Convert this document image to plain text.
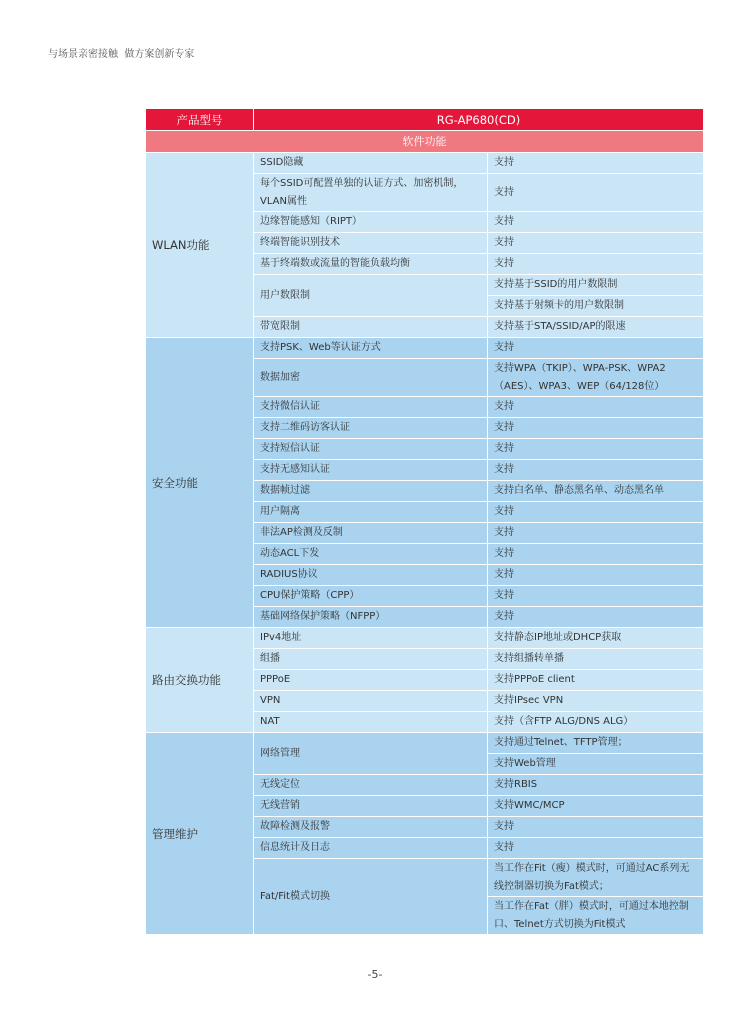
与场景亲密接触  做方案创新专家
产品型号	RG-AP680(CD)	
软件功能		
WLAN功能	SSID隐藏	支持
	每个SSID可配置单独的认证方式、加密机制，VLAN属性	支持
	边缘智能感知（RIPT）	支持
	终端智能识别技术	支持
	基于终端数或流量的智能负载均衡	支持
	用户数限制	支持基于SSID的用户数限制
		支持基于射频卡的用户数限制
	带宽限制	支持基于STA/SSID/AP的限速
安全功能	支持PSK、Web等认证方式	支持
	数据加密	支持WPA（TKIP）、WPA-PSK、WPA2（AES）、WPA3、WEP（64/128位）
	支持微信认证	支持
	支持二维码访客认证	支持
	支持短信认证	支持
	支持无感知认证	支持
	数据帧过滤	支持白名单、静态黑名单、动态黑名单
	用户隔离	支持
	非法AP检测及反制	支持
	动态ACL下发	支持
	RADIUS协议	支持
	CPU保护策略（CPP）	支持
	基础网络保护策略（NFPP）	支持
路由交换功能	IPv4地址	支持静态IP地址或DHCP获取
	组播	支持组播转单播
	PPPoE	支持PPPoE client
	VPN	支持IPsec VPN
	NAT	支持（含FTP ALG/DNS ALG）
管理维护	网络管理	支持通过Telnet、TFTP管理；
		支持Web管理
	无线定位	支持RBIS
	无线营销	支持WMC/MCP
	故障检测及报警	支持
	信息统计及日志	支持
	Fat/Fit模式切换	当工作在Fit（瘦）模式时，可通过AC系列无线控制器切换为Fat模式；
		当工作在Fat（胖）模式时，可通过本地控制口、Telnet方式切换为Fit模式
-5-
